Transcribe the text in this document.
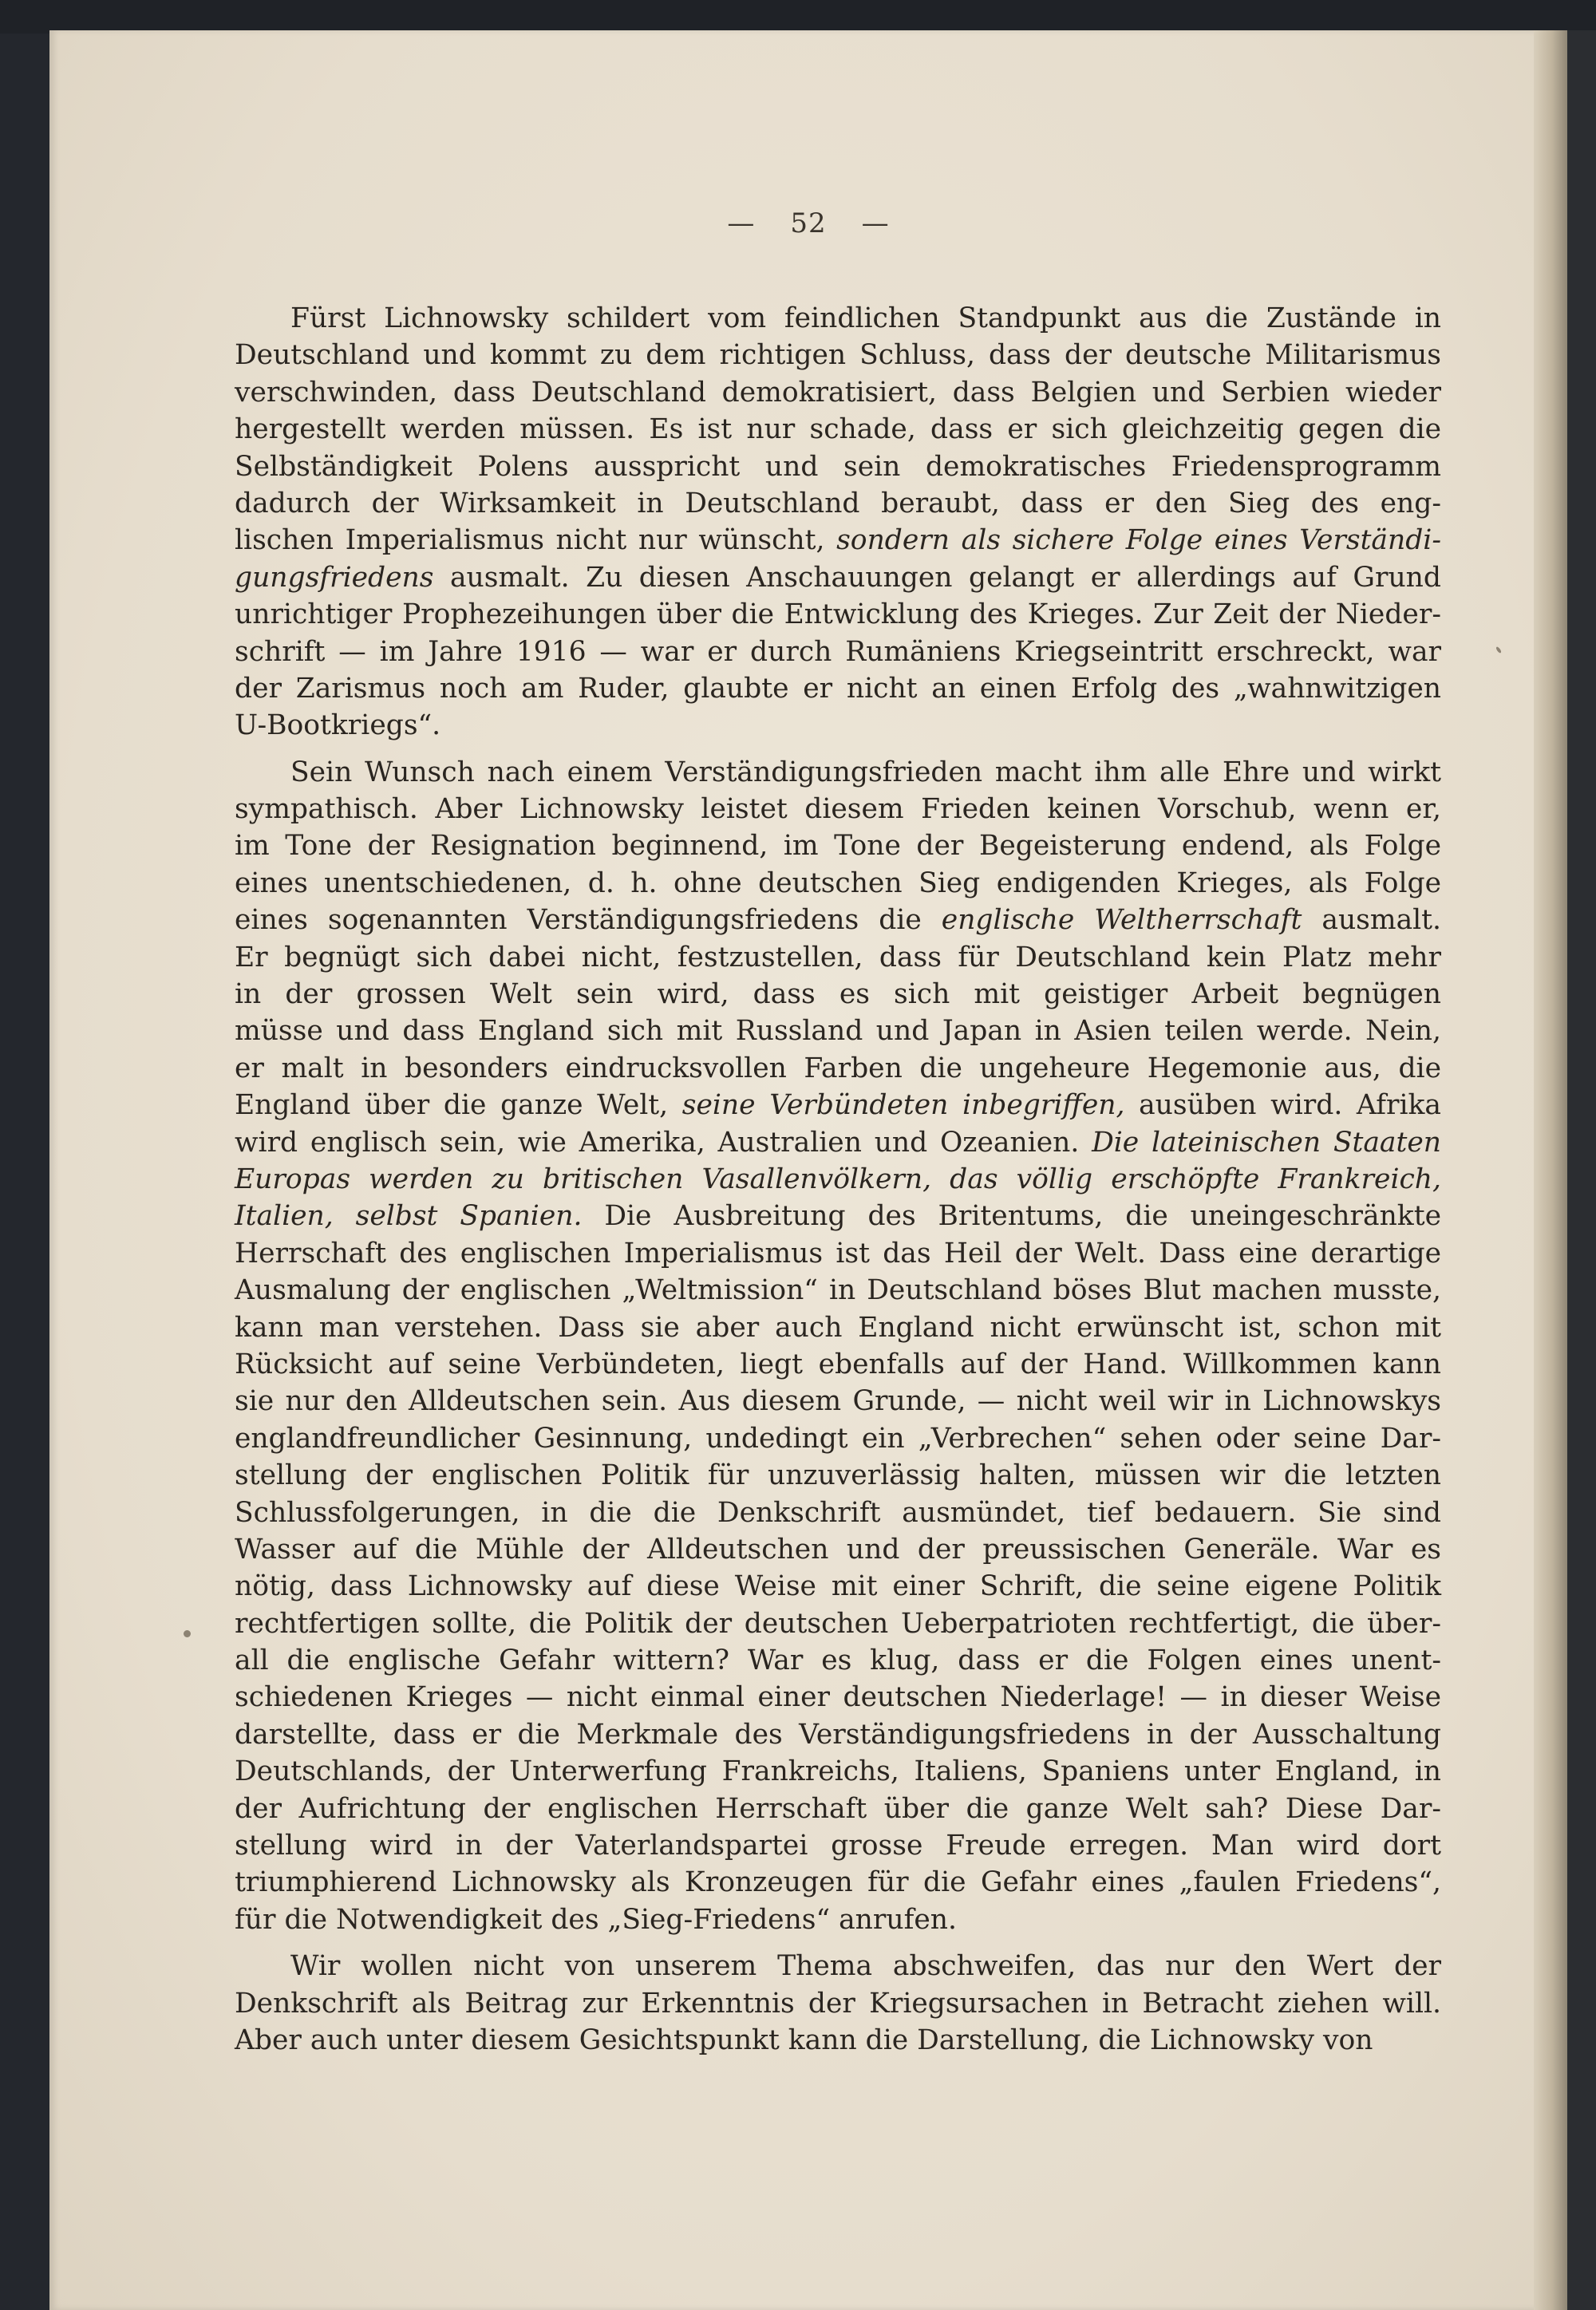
— 52 —
Fürst Lichnowsky schildert vom feindlichen Standpunkt aus die Zustände in
Deutschland und kommt zu dem richtigen Schluss, dass der deutsche Militarismus
verschwinden, dass Deutschland demokratisiert, dass Belgien und Serbien wieder
hergestellt werden müssen. Es ist nur schade, dass er sich gleichzeitig gegen die
Selbständigkeit Polens ausspricht und sein demokratisches Friedensprogramm
dadurch der Wirksamkeit in Deutschland beraubt, dass er den Sieg des eng-
lischen Imperialismus nicht nur wünscht, sondern als sichere Folge eines Verständi-
gungsfriedens ausmalt. Zu diesen Anschauungen gelangt er allerdings auf Grund
unrichtiger Prophezeihungen über die Entwicklung des Krieges. Zur Zeit der Nieder-
schrift — im Jahre 1916 — war er durch Rumäniens Kriegseintritt erschreckt, war
der Zarismus noch am Ruder, glaubte er nicht an einen Erfolg des „wahnwitzigen
U-Bootkriegs“.
Sein Wunsch nach einem Verständigungsfrieden macht ihm alle Ehre und wirkt
sympathisch. Aber Lichnowsky leistet diesem Frieden keinen Vorschub, wenn er,
im Tone der Resignation beginnend, im Tone der Begeisterung endend, als Folge
eines unentschiedenen, d. h. ohne deutschen Sieg endigenden Krieges, als Folge
eines sogenannten Verständigungsfriedens die englische Weltherrschaft ausmalt.
Er begnügt sich dabei nicht, festzustellen, dass für Deutschland kein Platz mehr
in der grossen Welt sein wird, dass es sich mit geistiger Arbeit begnügen
müsse und dass England sich mit Russland und Japan in Asien teilen werde. Nein,
er malt in besonders eindrucksvollen Farben die ungeheure Hegemonie aus, die
England über die ganze Welt, seine Verbündeten inbegriffen, ausüben wird. Afrika
wird englisch sein, wie Amerika, Australien und Ozeanien. Die lateinischen Staaten
Europas werden zu britischen Vasallenvölkern, das völlig erschöpfte Frankreich,
Italien, selbst Spanien. Die Ausbreitung des Britentums, die uneingeschränkte
Herrschaft des englischen Imperialismus ist das Heil der Welt. Dass eine derartige
Ausmalung der englischen „Weltmission“ in Deutschland böses Blut machen musste,
kann man verstehen. Dass sie aber auch England nicht erwünscht ist, schon mit
Rücksicht auf seine Verbündeten, liegt ebenfalls auf der Hand. Willkommen kann
sie nur den Alldeutschen sein. Aus diesem Grunde, — nicht weil wir in Lichnowskys
englandfreundlicher Gesinnung, undedingt ein „Verbrechen“ sehen oder seine Dar-
stellung der englischen Politik für unzuverlässig halten, müssen wir die letzten
Schlussfolgerungen, in die die Denkschrift ausmündet, tief bedauern. Sie sind
Wasser auf die Mühle der Alldeutschen und der preussischen Generäle. War es
nötig, dass Lichnowsky auf diese Weise mit einer Schrift, die seine eigene Politik
rechtfertigen sollte, die Politik der deutschen Ueberpatrioten rechtfertigt, die über-
all die englische Gefahr wittern? War es klug, dass er die Folgen eines unent-
schiedenen Krieges — nicht einmal einer deutschen Niederlage! — in dieser Weise
darstellte, dass er die Merkmale des Verständigungsfriedens in der Ausschaltung
Deutschlands, der Unterwerfung Frankreichs, Italiens, Spaniens unter England, in
der Aufrichtung der englischen Herrschaft über die ganze Welt sah? Diese Dar-
stellung wird in der Vaterlandspartei grosse Freude erregen. Man wird dort
triumphierend Lichnowsky als Kronzeugen für die Gefahr eines „faulen Friedens“,
für die Notwendigkeit des „Sieg-Friedens“ anrufen.
Wir wollen nicht von unserem Thema abschweifen, das nur den Wert der
Denkschrift als Beitrag zur Erkenntnis der Kriegsursachen in Betracht ziehen will.
Aber auch unter diesem Gesichtspunkt kann die Darstellung, die Lichnowsky von
